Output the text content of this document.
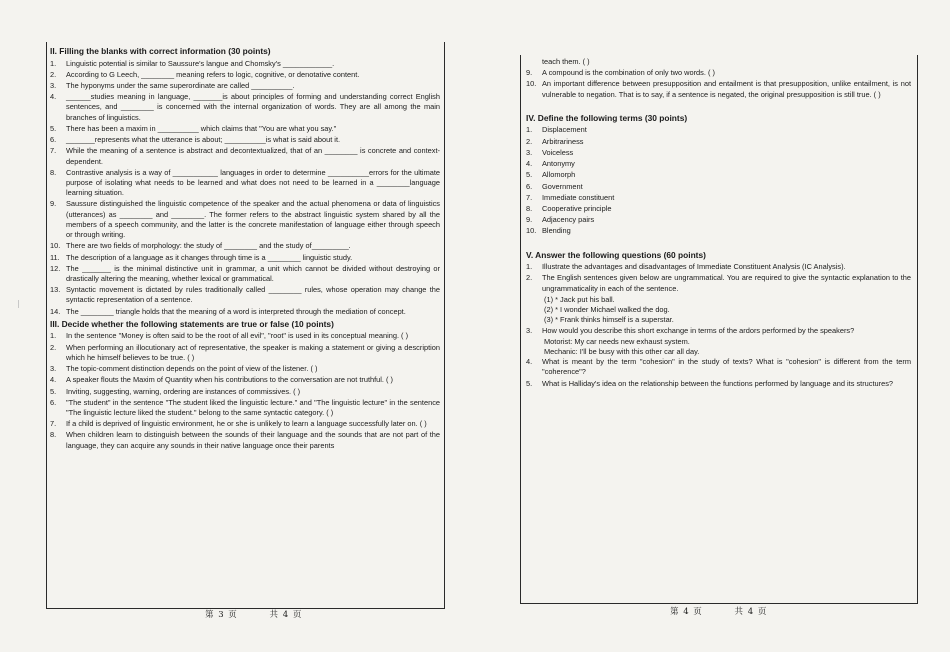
II. Filling the blanks with correct information (30 points)
1.	Linguistic potential is similar to Saussure's langue and Chomsky's ____________.
2.	According to G Leech, ________ meaning refers to logic, cognitive, or denotative content.
3.	The hyponyms under the same superordinate are called __________.
4.	______studies meaning in language, _______is about principles of forming and understanding correct English sentences, and ________ is concerned with the internal organization of words. They are all among the main branches of linguistics.
5.	There has been a maxim in __________ which claims that "You are what you say."
6.	_______represents what the utterance is about; __________is what is said about it.
7.	While the meaning of a sentence is abstract and decontextualized, that of an ________ is concrete and context-dependent.
8.	Contrastive analysis is a way of ___________ languages in order to determine __________errors for the ultimate purpose of isolating what needs to be learned and what does not need to be learned in a ________language learning situation.
9.	Saussure distinguished the linguistic competence of the speaker and the actual phenomena or data of linguistics (utterances) as ________ and ________. The former refers to the abstract linguistic system shared by all the members of a speech community, and the latter is the concrete manifestation of language either through speech or through writing.
10. There are two fields of morphology: the study of ________ and the study of_________.
11. The description of a language as it changes through time is a ________ linguistic study.
12. The _______ is the minimal distinctive unit in grammar, a unit which cannot be divided without destroying or drastically altering the meaning, whether lexical or grammatical.
13. Syntactic movement is dictated by rules traditionally called ________ rules, whose operation may change the syntactic representation of a sentence.
14. The ________ triangle holds that the meaning of a word is interpreted through the mediation of concept.
III. Decide whether the following statements are true or false (10 points)
1.	In the sentence "Money is often said to be the root of all evil", "root" is used in its conceptual meaning. ( )
2.	When performing an illocutionary act of representative, the speaker is making a statement or giving a description which he himself believes to be true. ( )
3.	The topic-comment distinction depends on the point of view of the listener. ( )
4.	A speaker flouts the Maxim of Quantity when his contributions to the conversation are not truthful. ( )
5.	Inviting, suggesting, warning, ordering are instances of commissives. ( )
6.	"The student" in the sentence "The student liked the linguistic lecture." and "The linguistic lecture" in the sentence "The linguistic lecture liked the student." belong to the same syntactic category. ( )
7.	If a child is deprived of linguistic environment, he or she is unlikely to learn a language successfully later on. ( )
8.	When children learn to distinguish between the sounds of their language and the sounds that are not part of the language, they can acquire any sounds in their native language once their parents
第 3 页	共 4 页
teach them. ( )
9.	A compound is the combination of only two words. ( )
10. An important difference between presupposition and entailment is that presupposition, unlike entailment, is not vulnerable to negation. That is to say, if a sentence is negated, the original presupposition is still true. ( )
IV. Define the following terms (30 points)
1.	Displacement
2.	Arbitrariness
3.	Voiceless
4.	Antonymy
5.	Allomorph
6.	Government
7.	Immediate constituent
8.	Cooperative principle
9.	Adjacency pairs
10. Blending
V. Answer the following questions (60 points)
1.	Illustrate the advantages and disadvantages of Immediate Constituent Analysis (IC Analysis).
2.	The English sentences given below are ungrammatical. You are required to give the syntactic explanation to the ungrammaticality in each of the sentence.
(1) * Jack put his ball.
(2) * I wonder Michael walked the dog.
(3) * Frank thinks himself is a superstar.
3.	How would you describe this short exchange in terms of the ardors performed by the speakers?
Motorist: My car needs new exhaust system.
Mechanic: I'll be busy with this other car all day.
4.	What is meant by the term "cohesion" in the study of texts? What is "cohesion" is different from the term "coherence"?
5.	What is Halliday's idea on the relationship between the functions performed by language and its structures?
第 4 页	共 4 页
